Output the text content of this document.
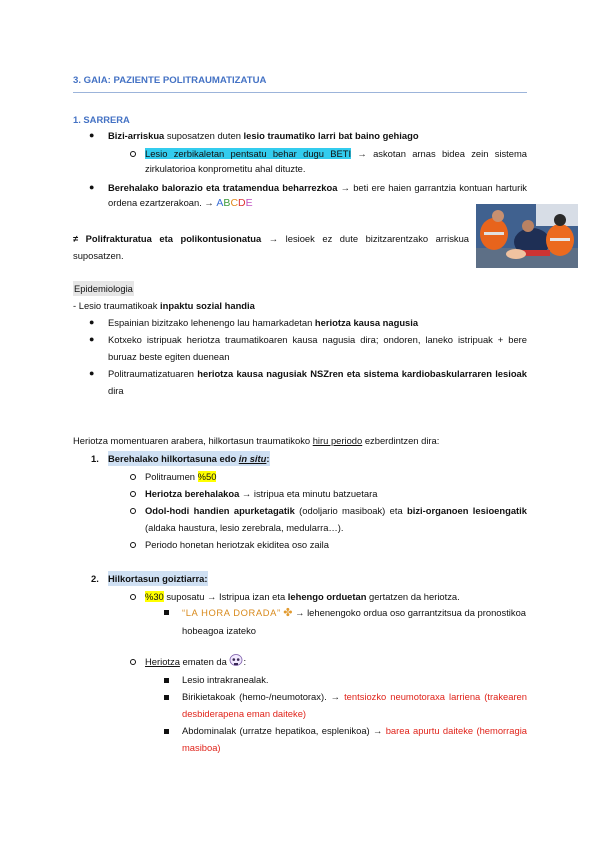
3. GAIA: PAZIENTE POLITRAUMATIZATUA
1. SARRERA
● Bizi-arriskua suposatzen duten lesio traumatiko larri bat baino gehiago
Lesio zerbikaletan pentsatu behar dugu BETI → askotan arnas bidea zein sistema zirkulatorioa konprometitu ahal dituzte.
● Berehalako balorazio eta tratamendua beharrezkoa → beti ere haien garrantzia kontuan harturik ordena ezartzerakoan. → ABCDE
≠ Polifrakturatua eta polikontusionatua → lesioek ez dute bizitzarentzako arriskua suposatzen.
Epidemiologia
- Lesio traumatikoak inpaktu sozial handia
● Espainian bizitzako lehenengo lau hamarkadetan heriotza kausa nagusia
● Kotxeko istripuak heriotza traumatikoaren kausa nagusia dira; ondoren, laneko istripuak + bere buruaz beste egiten duenean
● Politraumatizatuaren heriotza kausa nagusiak NSZren eta sistema kardiobaskularraren lesioak dira
Heriotza momentuaren arabera, hilkortasun traumatikoko hiru periodo ezberdintzen dira:
1. Berehalako hilkortasuna edo in situ:
Politraumen %50
Heriotza berehalakoa → istripua eta minutu batzuetara
Odol-hodi handien apurketagatik (odoljario masiboak) eta bizi-organoen lesioengatik (aldaka haustura, lesio zerebrala, medularra…).
Periodo honetan heriotzak ekiditea oso zaila
2. Hilkortasun goiztiarra:
%30 suposatu → Istripua izan eta lehengo orduetan gertatzen da heriotza.
“LA HORA DORADA” ✤ → lehenengoko ordua oso garrantzitsua da pronostikoa hobeagoa izateko
Heriotza ematen da :
Lesio intrakranealak.
Birikietakoak (hemo-/neumotorax). → tentsiozko neumotoraxa larriena (trakearen desbiderapena eman daiteke)
Abdominalak (urratze hepatikoa, esplenikoa) → barea apurtu daiteke (hemorragia masiboa)
